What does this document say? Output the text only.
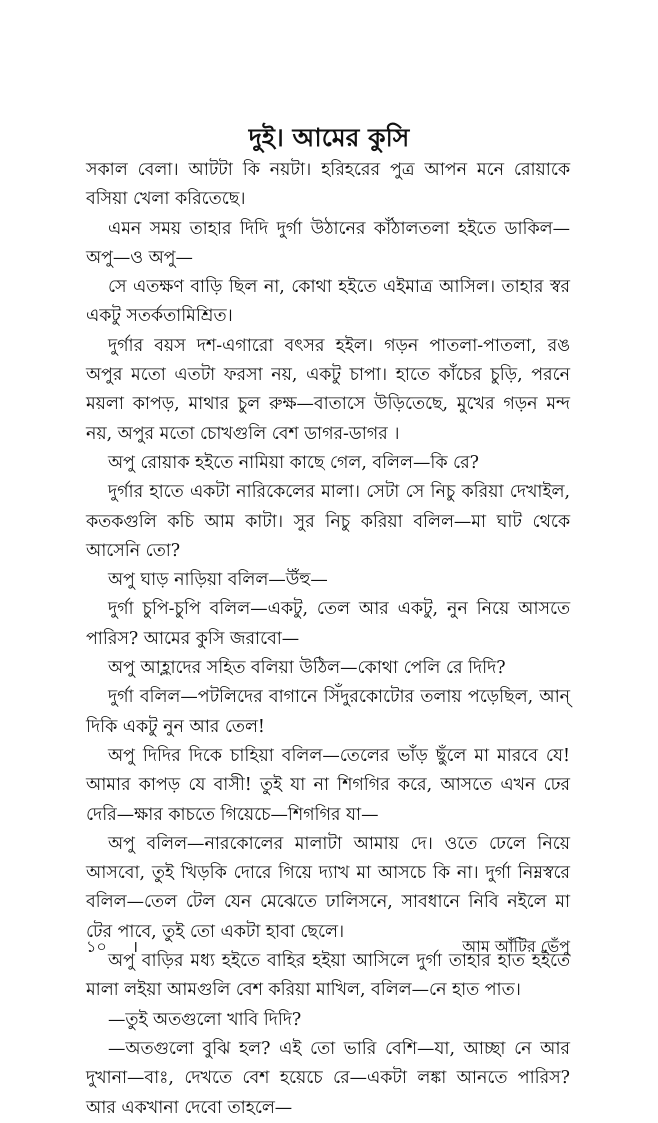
দুই। আমের কুসি

সকাল বেলা। আটটা কি নয়টা। হরিহরের পুত্র আপন মনে রোয়াকে বসিয়া খেলা করিতেছে।

এমন সময় তাহার দিদি দুর্গা উঠানের কাঁঠালতলা হইতে ডাকিল—অপু—ও অপু—

সে এতক্ষণ বাড়ি ছিল না, কোথা হইতে এইমাত্র আসিল। তাহার স্বর একটু সতর্কতামিশ্রিত।

দুর্গার বয়স দশ-এগারো বৎসর হইল। গড়ন পাতলা-পাতলা, রঙ অপুর মতো এতটা ফরসা নয়, একটু চাপা। হাতে কাঁচের চুড়ি, পরনে ময়লা কাপড়, মাথার চুল রুক্ষ—বাতাসে উড়িতেছে, মুখের গড়ন মন্দ নয়, অপুর মতো চোখগুলি বেশ ডাগর-ডাগর ।

অপু রোয়াক হইতে নামিয়া কাছে গেল, বলিল—কি রে?

দুর্গার হাতে একটা নারিকেলের মালা। সেটা সে নিচু করিয়া দেখাইল, কতকগুলি কচি আম কাটা। সুর নিচু করিয়া বলিল—মা ঘাট থেকে আসেনি তো?

অপু ঘাড় নাড়িয়া বলিল—উঁহু—

দুর্গা চুপি-চুপি বলিল—একটু, তেল আর একটু, নুন নিয়ে আসতে পারিস? আমের কুসি জরাবো—

অপু আহ্লাদের সহিত বলিয়া উঠিল—কোথা পেলি রে দিদি?

দুর্গা বলিল—পটলিদের বাগানে সিঁদুরকোটোর তলায় পড়েছিল, আন্ দিকি একটু নুন আর তেল!

অপু দিদির দিকে চাহিয়া বলিল—তেলের ভাঁড় ছুঁলে মা মারবে যে! আমার কাপড় যে বাসী! তুই যা না শিগগির করে, আসতে এখন ঢের দেরি—ক্ষার কাচতে গিয়েচে—শিগগির যা—

অপু বলিল—নারকোলের মালাটা আমায় দে। ওতে ঢেলে নিয়ে আসবো, তুই খিড়কি দোরে গিয়ে দ্যাখ মা আসচে কি না। দুর্গা নিম্নস্বরে বলিল—তেল টেল যেন মেঝেতে ঢালিসনে, সাবধানে নিবি নইলে মা টের পাবে, তুই তো একটা হাবা ছেলে।

অপু বাড়ির মধ্য হইতে বাহির হইয়া আসিলে দুর্গা তাহার হাত হইতে মালা লইয়া আমগুলি বেশ করিয়া মাখিল, বলিল—নে হাত পাত।

—তুই অতগুলো খাবি দিদি?

—অতগুলো বুঝি হল? এই তো ভারি বেশি—যা, আচ্ছা নে আর দুখানা—বাঃ, দেখতে বেশ হয়েচে রে—একটা লঙ্কা আনতে পারিস? আর একখানা দেবো তাহলে—

১০ ।	আম আঁটির ভেঁপু
